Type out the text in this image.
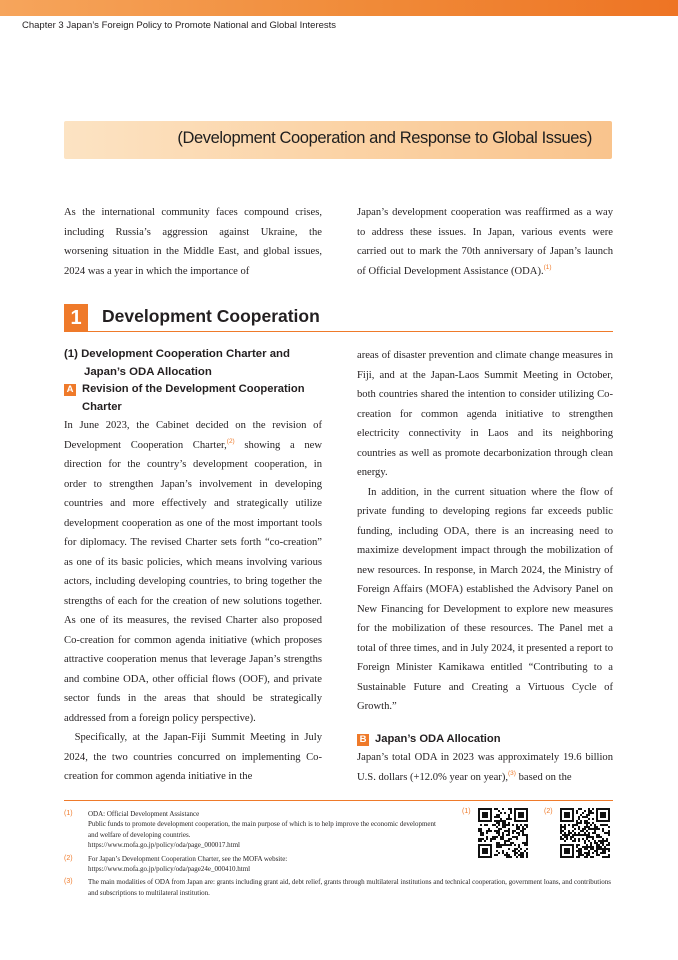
Chapter 3 Japan’s Foreign Policy to Promote National and Global Interests
(Development Cooperation and Response to Global Issues)
As the international community faces compound crises, including Russia’s aggression against Ukraine, the worsening situation in the Middle East, and global issues, 2024 was a year in which the importance of
Japan’s development cooperation was reaffirmed as a way to address these issues. In Japan, various events were carried out to mark the 70th anniversary of Japan’s launch of Official Development Assistance (ODA).$^{(1)}$
1	Development Cooperation
(1) Development Cooperation Charter and
Japan’s ODA Allocation
A Revision of the Development Cooperation Charter
In June 2023, the Cabinet decided on the revision of Development Cooperation Charter,$^{(2)}$ showing a new direction for the country’s development cooperation, in order to strengthen Japan’s involvement in developing countries and more effectively and strategically utilize development cooperation as one of the most important tools for diplomacy. The revised Charter sets forth “co-creation” as one of its basic policies, which means involving various actors, including developing countries, to bring together the strengths of each for the creation of new solutions together. As one of its measures, the revised Charter also proposed Co-creation for common agenda initiative (which proposes attractive cooperation menus that leverage Japan’s strengths and combine ODA, other official flows (OOF), and private sector funds in the areas that should be strategically addressed from a foreign policy perspective).
Specifically, at the Japan-Fiji Summit Meeting in July 2024, the two countries concurred on implementing Co-creation for common agenda initiative in the
areas of disaster prevention and climate change measures in Fiji, and at the Japan-Laos Summit Meeting in October, both countries shared the intention to consider utilizing Co-creation for common agenda initiative to strengthen electricity connectivity in Laos and its neighboring countries as well as promote decarbonization through clean energy.
In addition, in the current situation where the flow of private funding to developing regions far exceeds public funding, including ODA, there is an increasing need to maximize development impact through the mobilization of new resources. In response, in March 2024, the Ministry of Foreign Affairs (MOFA) established the Advisory Panel on New Financing for Development to explore new measures for the mobilization of these resources. The Panel met a total of three times, and in July 2024, it presented a report to Foreign Minister Kamikawa entitled “Contributing to a Sustainable Future and Creating a Virtuous Cycle of Growth.”
B Japan’s ODA Allocation
Japan’s total ODA in 2023 was approximately 19.6 billion U.S. dollars (+12.0% year on year),$^{(3)}$ based on the
(1)	ODA: Official Development Assistance
Public funds to promote development cooperation, the main purpose of which is to help improve the economic development and welfare of developing countries.
https://www.mofa.go.jp/policy/oda/page_000017.html
(2)	For Japan’s Development Cooperation Charter, see the MOFA website:
https://www.mofa.go.jp/policy/oda/page24e_000410.html
(3)	The main modalities of ODA from Japan are: grants including grant aid, debt relief, grants through multilateral institutions and technical cooperation, government loans, and contributions and subscriptions to multilateral institution.
(1)	(2)
